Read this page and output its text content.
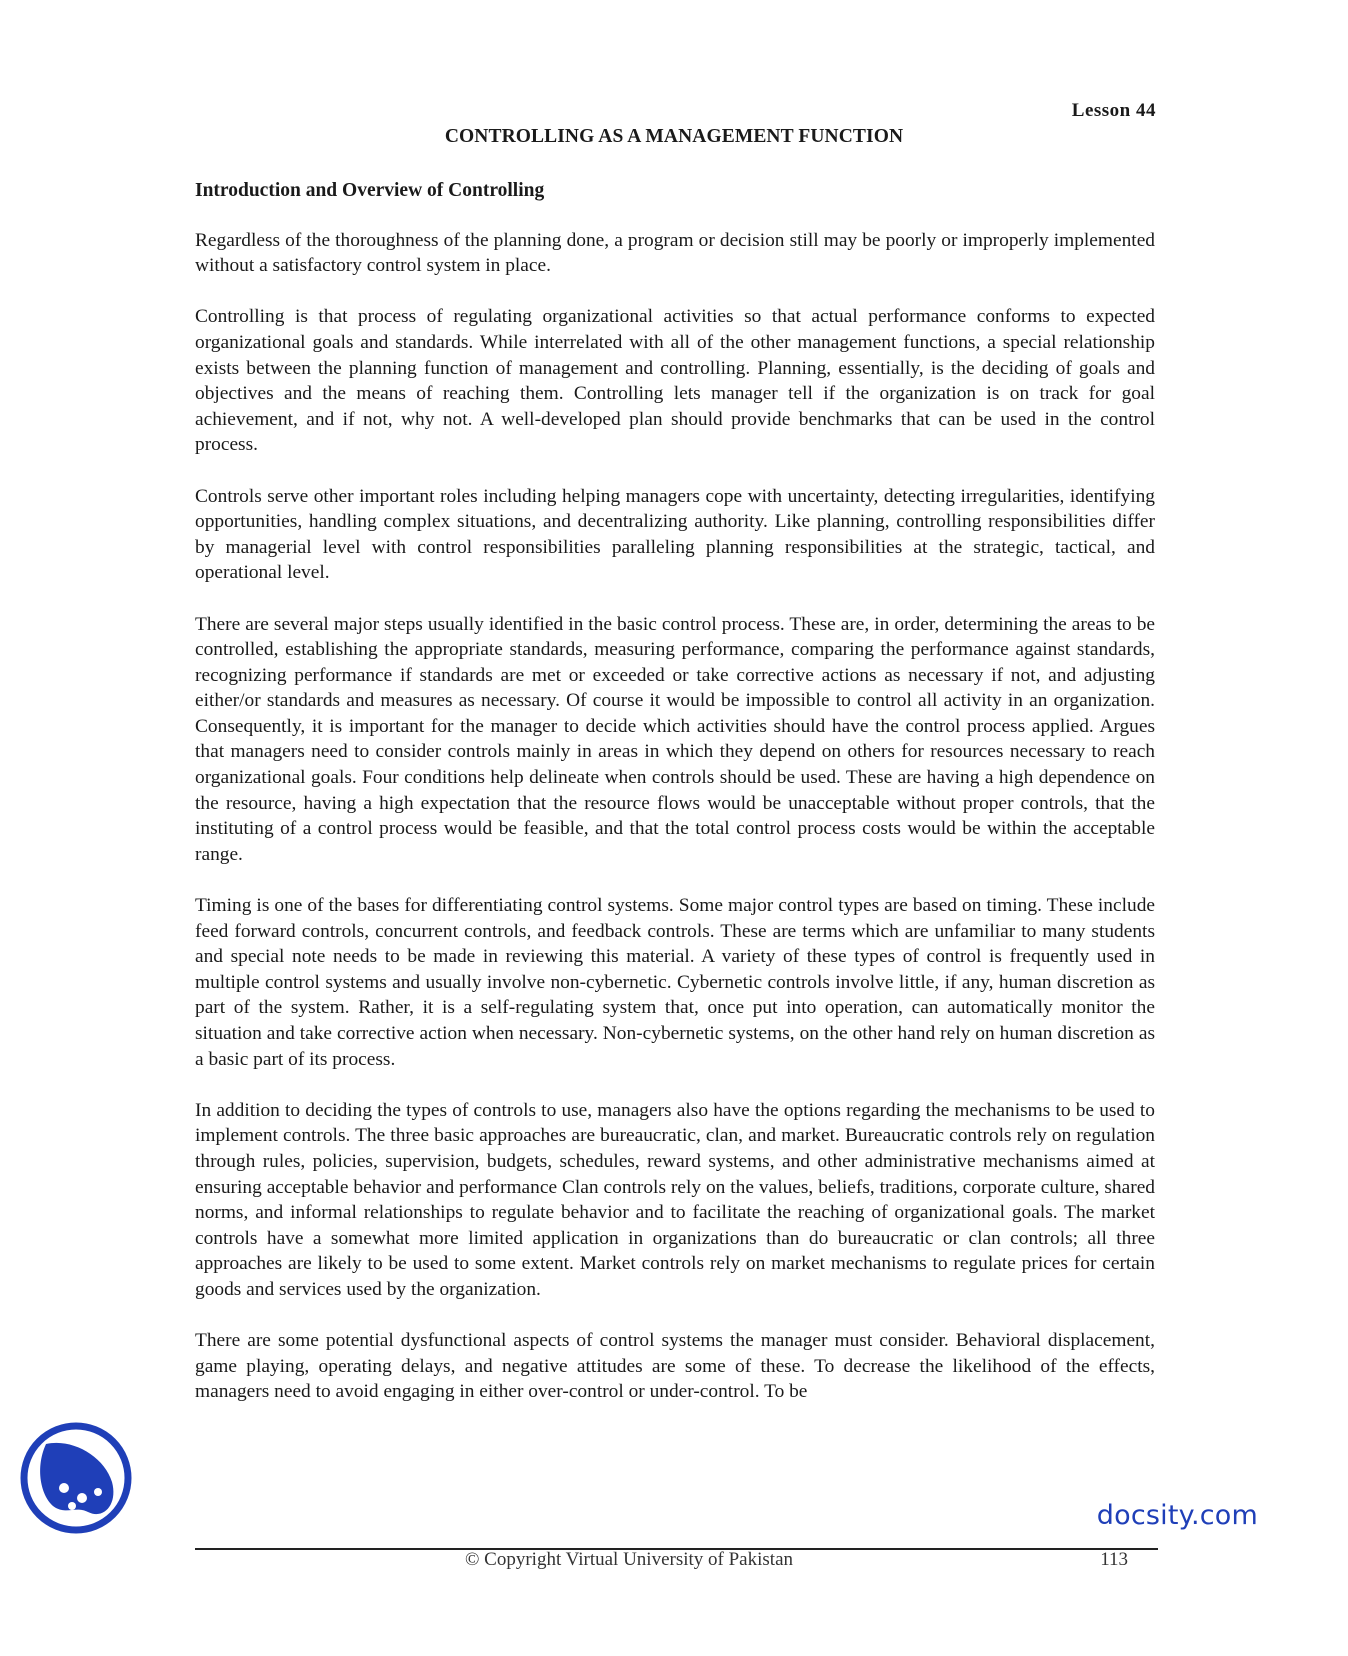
Lesson 44
CONTROLLING AS A MANAGEMENT FUNCTION
Introduction and Overview of Controlling

Regardless of the thoroughness of the planning done, a program or decision still may be poorly or improperly implemented without a satisfactory control system in place.

Controlling is that process of regulating organizational activities so that actual performance conforms to expected organizational goals and standards. While interrelated with all of the other management functions, a special relationship exists between the planning function of management and controlling. Planning, essentially, is the deciding of goals and objectives and the means of reaching them. Controlling lets manager tell if the organization is on track for goal achievement, and if not, why not. A well-developed plan should provide benchmarks that can be used in the control process.

Controls serve other important roles including helping managers cope with uncertainty, detecting irregularities, identifying opportunities, handling complex situations, and decentralizing authority. Like planning, controlling responsibilities differ by managerial level with control responsibilities paralleling planning responsibilities at the strategic, tactical, and operational level.

There are several major steps usually identified in the basic control process. These are, in order, determining the areas to be controlled, establishing the appropriate standards, measuring performance, comparing the performance against standards, recognizing performance if standards are met or exceeded or take corrective actions as necessary if not, and adjusting either/or standards and measures as necessary. Of course it would be impossible to control all activity in an organization. Consequently, it is important for the manager to decide which activities should have the control process applied. Argues that managers need to consider controls mainly in areas in which they depend on others for resources necessary to reach organizational goals. Four conditions help delineate when controls should be used. These are having a high dependence on the resource, having a high expectation that the resource flows would be unacceptable without proper controls, that the instituting of a control process would be feasible, and that the total control process costs would be within the acceptable range.

Timing is one of the bases for differentiating control systems. Some major control types are based on timing. These include feed forward controls, concurrent controls, and feedback controls. These are terms which are unfamiliar to many students and special note needs to be made in reviewing this material. A variety of these types of control is frequently used in multiple control systems and usually involve non-cybernetic. Cybernetic controls involve little, if any, human discretion as part of the system. Rather, it is a self-regulating system that, once put into operation, can automatically monitor the situation and take corrective action when necessary. Non-cybernetic systems, on the other hand rely on human discretion as a basic part of its process.

In addition to deciding the types of controls to use, managers also have the options regarding the mechanisms to be used to implement controls. The three basic approaches are bureaucratic, clan, and market. Bureaucratic controls rely on regulation through rules, policies, supervision, budgets, schedules, reward systems, and other administrative mechanisms aimed at ensuring acceptable behavior and performance Clan controls rely on the values, beliefs, traditions, corporate culture, shared norms, and informal relationships to regulate behavior and to facilitate the reaching of organizational goals. The market controls have a somewhat more limited application in organizations than do bureaucratic or clan controls; all three approaches are likely to be used to some extent. Market controls rely on market mechanisms to regulate prices for certain goods and services used by the organization.

There are some potential dysfunctional aspects of control systems the manager must consider. Behavioral displacement, game playing, operating delays, and negative attitudes are some of these. To decrease the likelihood of the effects, managers need to avoid engaging in either over-control or under-control. To be

© Copyright Virtual University of Pakistan	113
docsity.com
